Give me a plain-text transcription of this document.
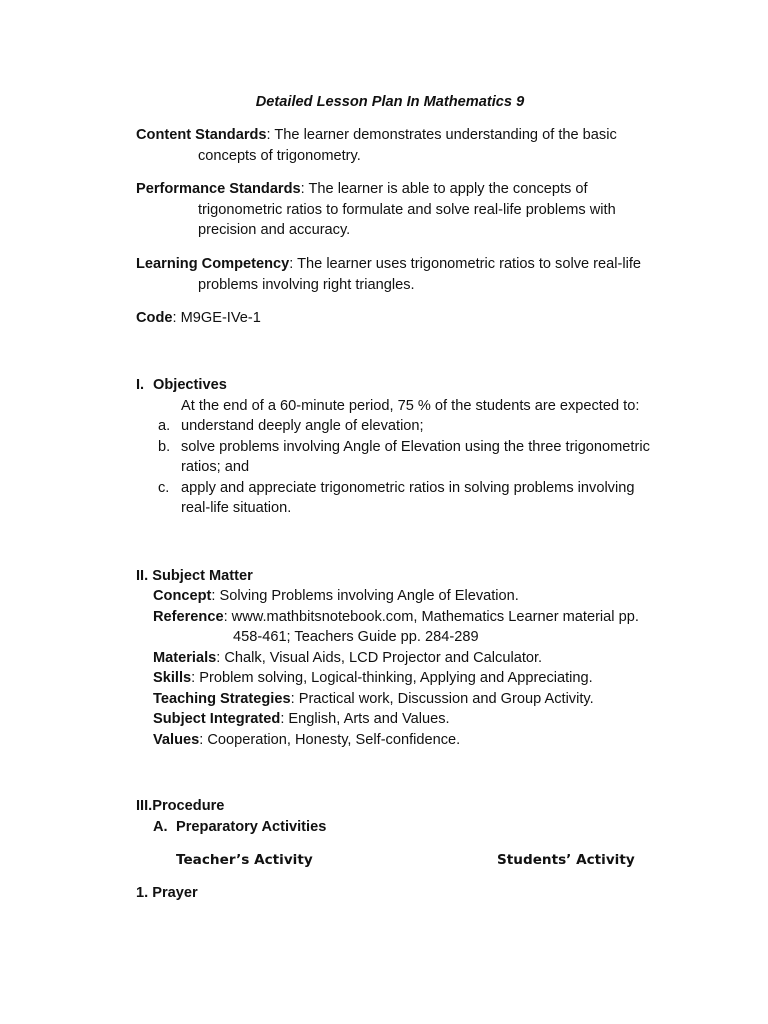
Detailed Lesson Plan In Mathematics 9
Content Standards: The learner demonstrates understanding of the basic
concepts of trigonometry.
Performance Standards: The learner is able to apply the concepts of
trigonometric ratios to formulate and solve real-life problems with
precision and accuracy.
Learning Competency: The learner uses trigonometric ratios to solve real-life
problems involving right triangles.
Code: M9GE-IVe-1
I. Objectives
At the end of a 60-minute period, 75 % of the students are expected to:
a. understand deeply angle of elevation;
b. solve problems involving Angle of Elevation using the three trigonometric
ratios; and
c. apply and appreciate trigonometric ratios in solving problems involving
real-life situation.
II. Subject Matter
Concept: Solving Problems involving Angle of Elevation.
Reference: www.mathbitsnotebook.com, Mathematics Learner material pp.
458-461; Teachers Guide pp. 284-289
Materials: Chalk, Visual Aids, LCD Projector and Calculator.
Skills: Problem solving, Logical-thinking, Applying and Appreciating.
Teaching Strategies: Practical work, Discussion and Group Activity.
Subject Integrated: English, Arts and Values.
Values: Cooperation, Honesty, Self-confidence.
III.Procedure
A. Preparatory Activities
Teacher’s Activity	Students’ Activity
1. Prayer
